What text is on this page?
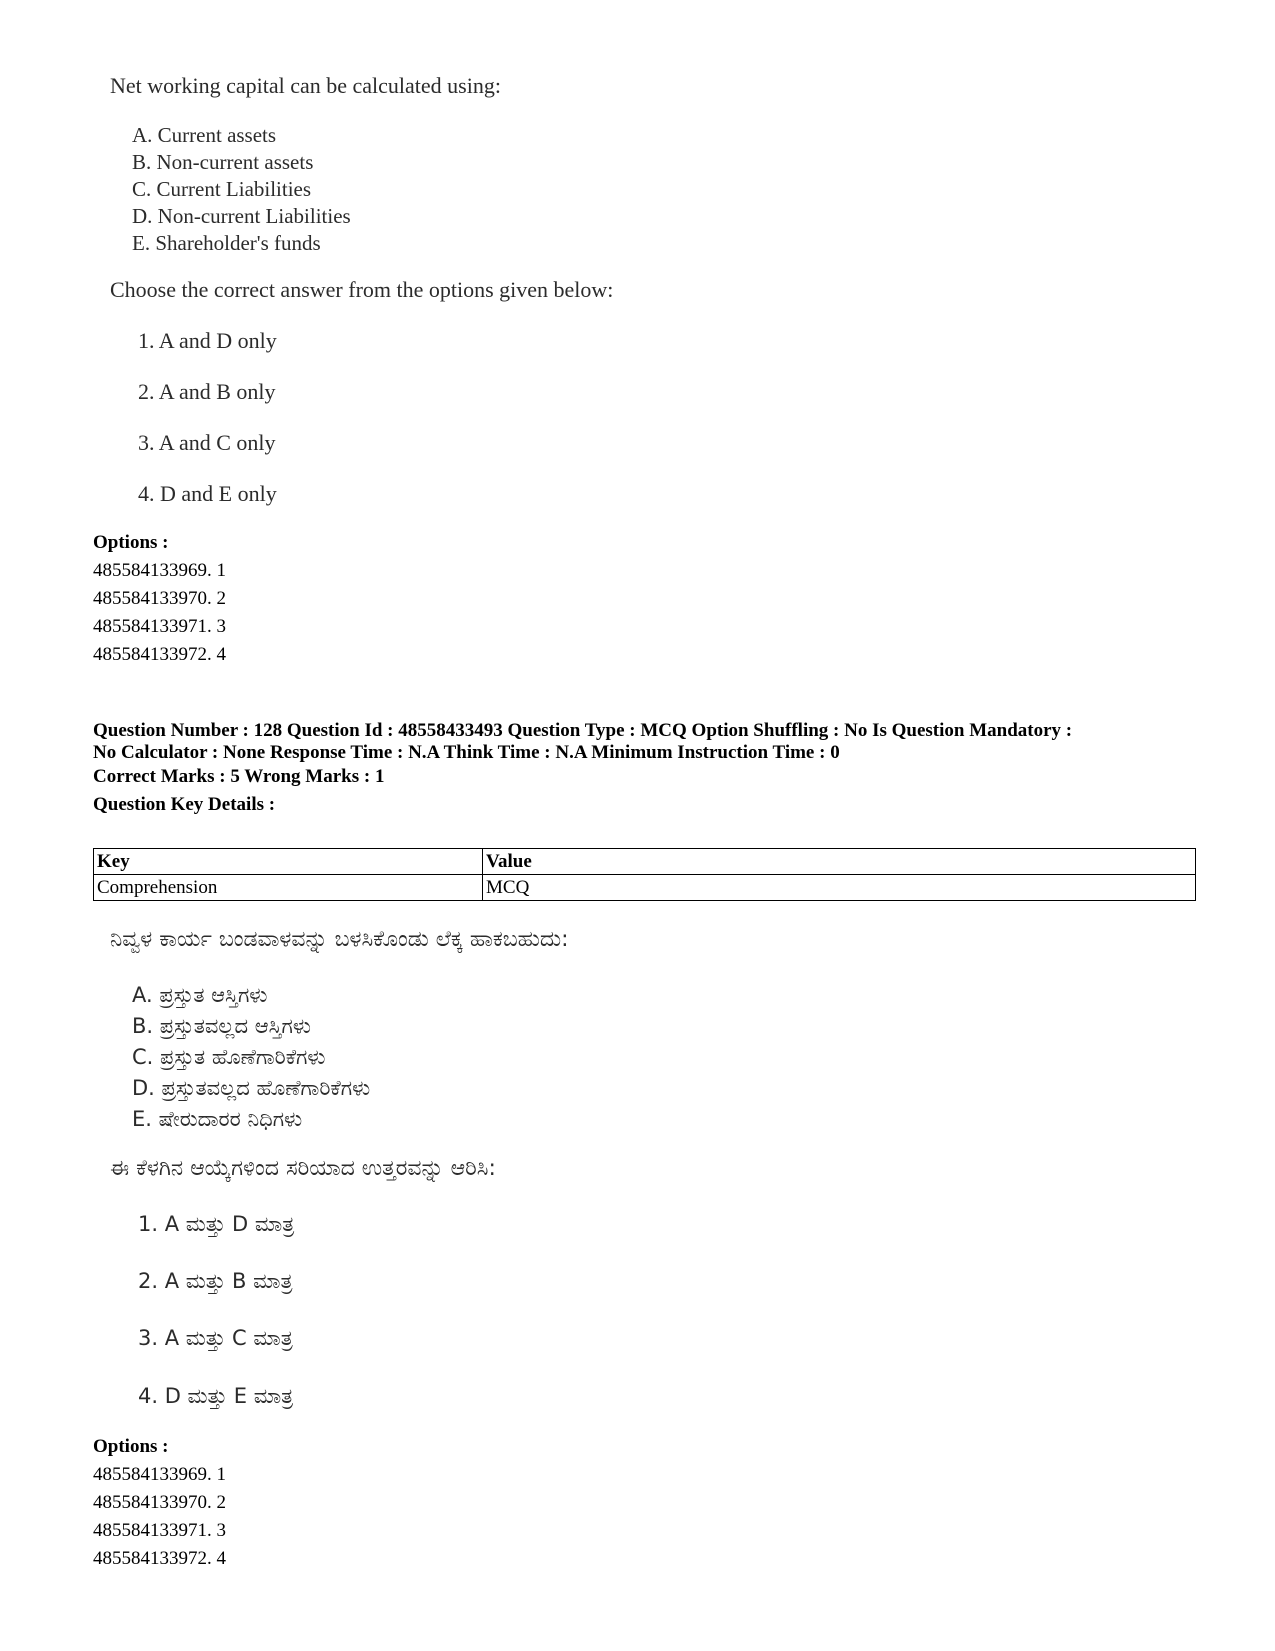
Net working capital can be calculated using:
A. Current assets
B. Non-current assets
C. Current Liabilities
D. Non-current Liabilities
E. Shareholder's funds
Choose the correct answer from the options given below:
1. A and D only
2. A and B only
3. A and C only
4. D and E only
Options :
485584133969. 1
485584133970. 2
485584133971. 3
485584133972. 4
Question Number : 128 Question Id : 48558433493 Question Type : MCQ Option Shuffling : No Is Question Mandatory :
No Calculator : None Response Time : N.A Think Time : N.A Minimum Instruction Time : 0
Correct Marks : 5 Wrong Marks : 1
Question Key Details :
Key	Value
Comprehension	MCQ
ನಿವ್ವಳ ಕಾರ್ಯ ಬಂಡವಾಳವನ್ನು ಬಳಸಿಕೊಂಡು ಲೆಕ್ಕ ಹಾಕಬಹುದು:
A. ಪ್ರಸ್ತುತ ಆಸ್ತಿಗಳು
B. ಪ್ರಸ್ತುತವಲ್ಲದ ಆಸ್ತಿಗಳು
C. ಪ್ರಸ್ತುತ ಹೊಣೆಗಾರಿಕೆಗಳು
D. ಪ್ರಸ್ತುತವಲ್ಲದ ಹೊಣೆಗಾರಿಕೆಗಳು
E. ಷೇರುದಾರರ ನಿಧಿಗಳು
ಈ ಕೆಳಗಿನ ಆಯ್ಕೆಗಳಿಂದ ಸರಿಯಾದ ಉತ್ತರವನ್ನು ಆರಿಸಿ:
1. A ಮತ್ತು D ಮಾತ್ರ
2. A ಮತ್ತು B ಮಾತ್ರ
3. A ಮತ್ತು C ಮಾತ್ರ
4. D ಮತ್ತು E ಮಾತ್ರ
Options :
485584133969. 1
485584133970. 2
485584133971. 3
485584133972. 4
